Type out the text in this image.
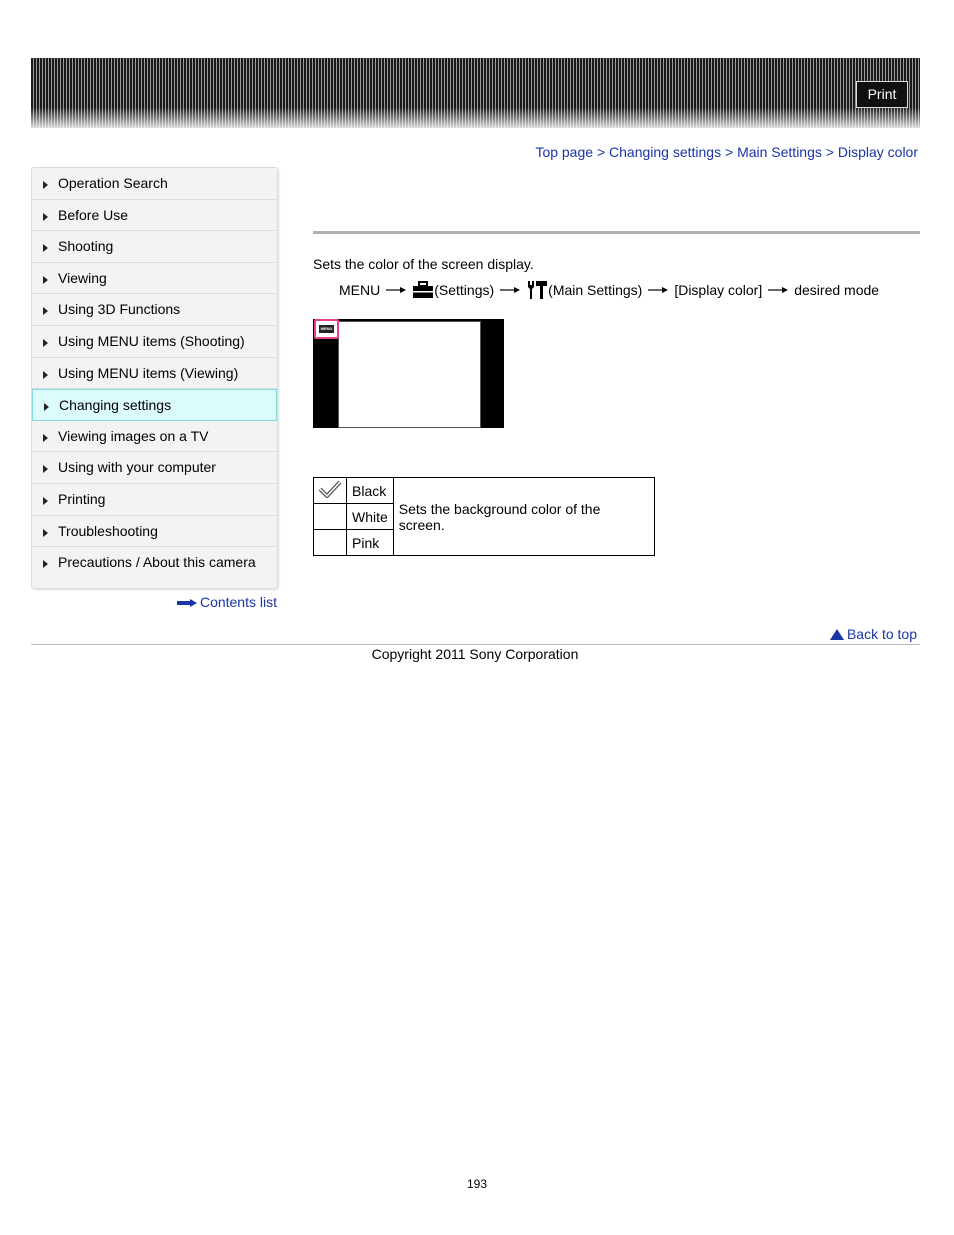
Print
Top page > Changing settings > Main Settings > Display color
Operation Search
Before Use
Shooting
Viewing
Using 3D Functions
Using MENU items (Shooting)
Using MENU items (Viewing)
Changing settings
Viewing images on a TV
Using with your computer
Printing
Troubleshooting
Precautions / About this camera
Contents list
Sets the color of the screen display.
MENU	(Settings)	(Main Settings) [Display color] desired mode
MENU
	Black	Sets the background color of the screen.
	White	
	Pink	
Back to top
Copyright 2011 Sony Corporation
193
